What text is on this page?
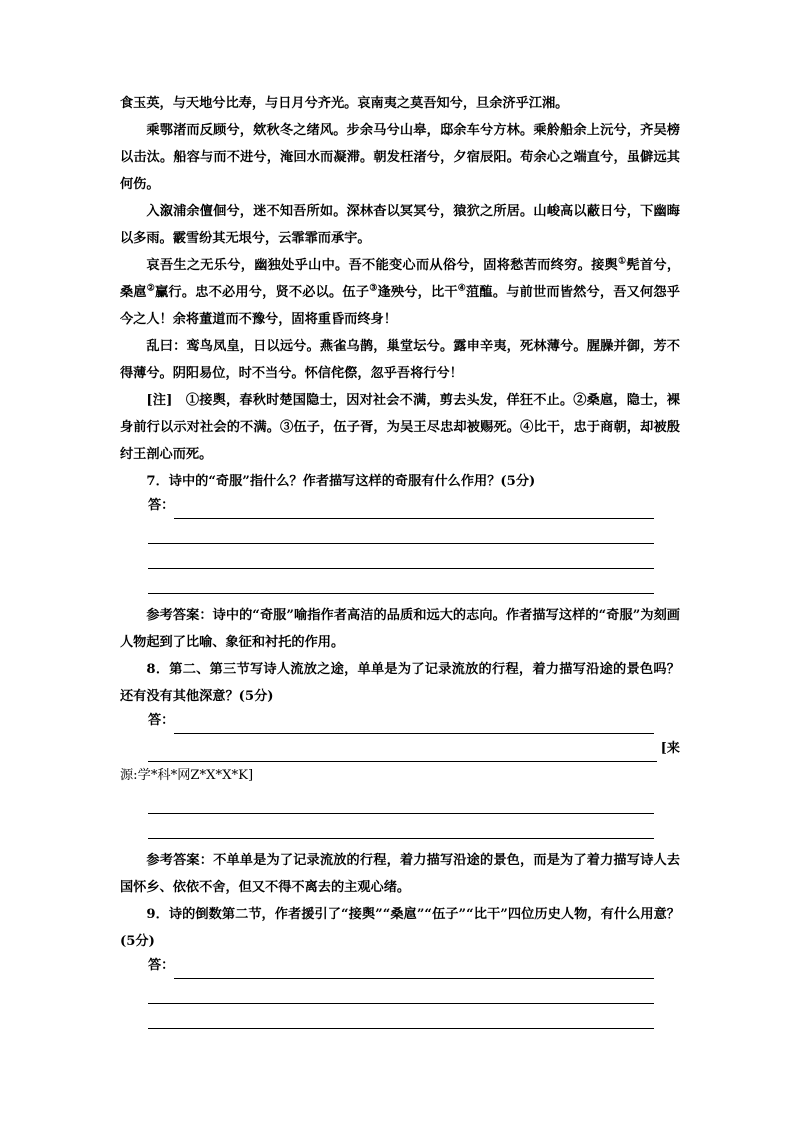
食玉英，与天地兮比寿，与日月兮齐光。哀南夷之莫吾知兮，旦余济乎江湘。

乘鄂渚而反顾兮，欸秋冬之绪风。步余马兮山皋，邸余车兮方林。乘舲船余上沅兮，齐吴榜以击汰。船容与而不进兮，淹回水而凝滞。朝发枉渚兮，夕宿辰阳。苟余心之端直兮，虽僻远其何伤。

入溆浦余儃佪兮，迷不知吾所如。深林杳以冥冥兮，猿狖之所居。山峻高以蔽日兮，下幽晦以多雨。霰雪纷其无垠兮，云霏霏而承宇。

哀吾生之无乐兮，幽独处乎山中。吾不能变心而从俗兮，固将愁苦而终穷。接舆①髡首兮，桑扈②臝行。忠不必用兮，贤不必以。伍子③逢殃兮，比干④菹醢。与前世而皆然兮，吾又何怨乎今之人！余将董道而不豫兮，固将重昏而终身！

乱曰：鸾鸟凤皇，日以远兮。燕雀乌鹊，巢堂坛兮。露申辛夷，死林薄兮。腥臊并御，芳不得薄兮。阴阳易位，时不当兮。怀信侘傺，忽乎吾将行兮！

[注]　①接舆，春秋时楚国隐士，因对社会不满，剪去头发，佯狂不止。②桑扈，隐士，裸身前行以示对社会的不满。③伍子，伍子胥，为吴王尽忠却被赐死。④比干，忠于商朝，却被殷纣王剖心而死。

7．诗中的“奇服”指什么？作者描写这样的奇服有什么作用？(5分)

答：

参考答案：诗中的“奇服”喻指作者高洁的品质和远大的志向。作者描写这样的“奇服”为刻画人物起到了比喻、象征和衬托的作用。

8．第二、第三节写诗人流放之途，单单是为了记录流放的行程，着力描写沿途的景色吗？还有没有其他深意？(5分)

答：
[来

源:学*科*网Z*X*X*K]

参考答案：不单单是为了记录流放的行程，着力描写沿途的景色，而是为了着力描写诗人去国怀乡、依依不舍，但又不得不离去的主观心绪。

9．诗的倒数第二节，作者援引了“接舆”“桑扈”“伍子”“比干”四位历史人物，有什么用意？(5分)

答：
